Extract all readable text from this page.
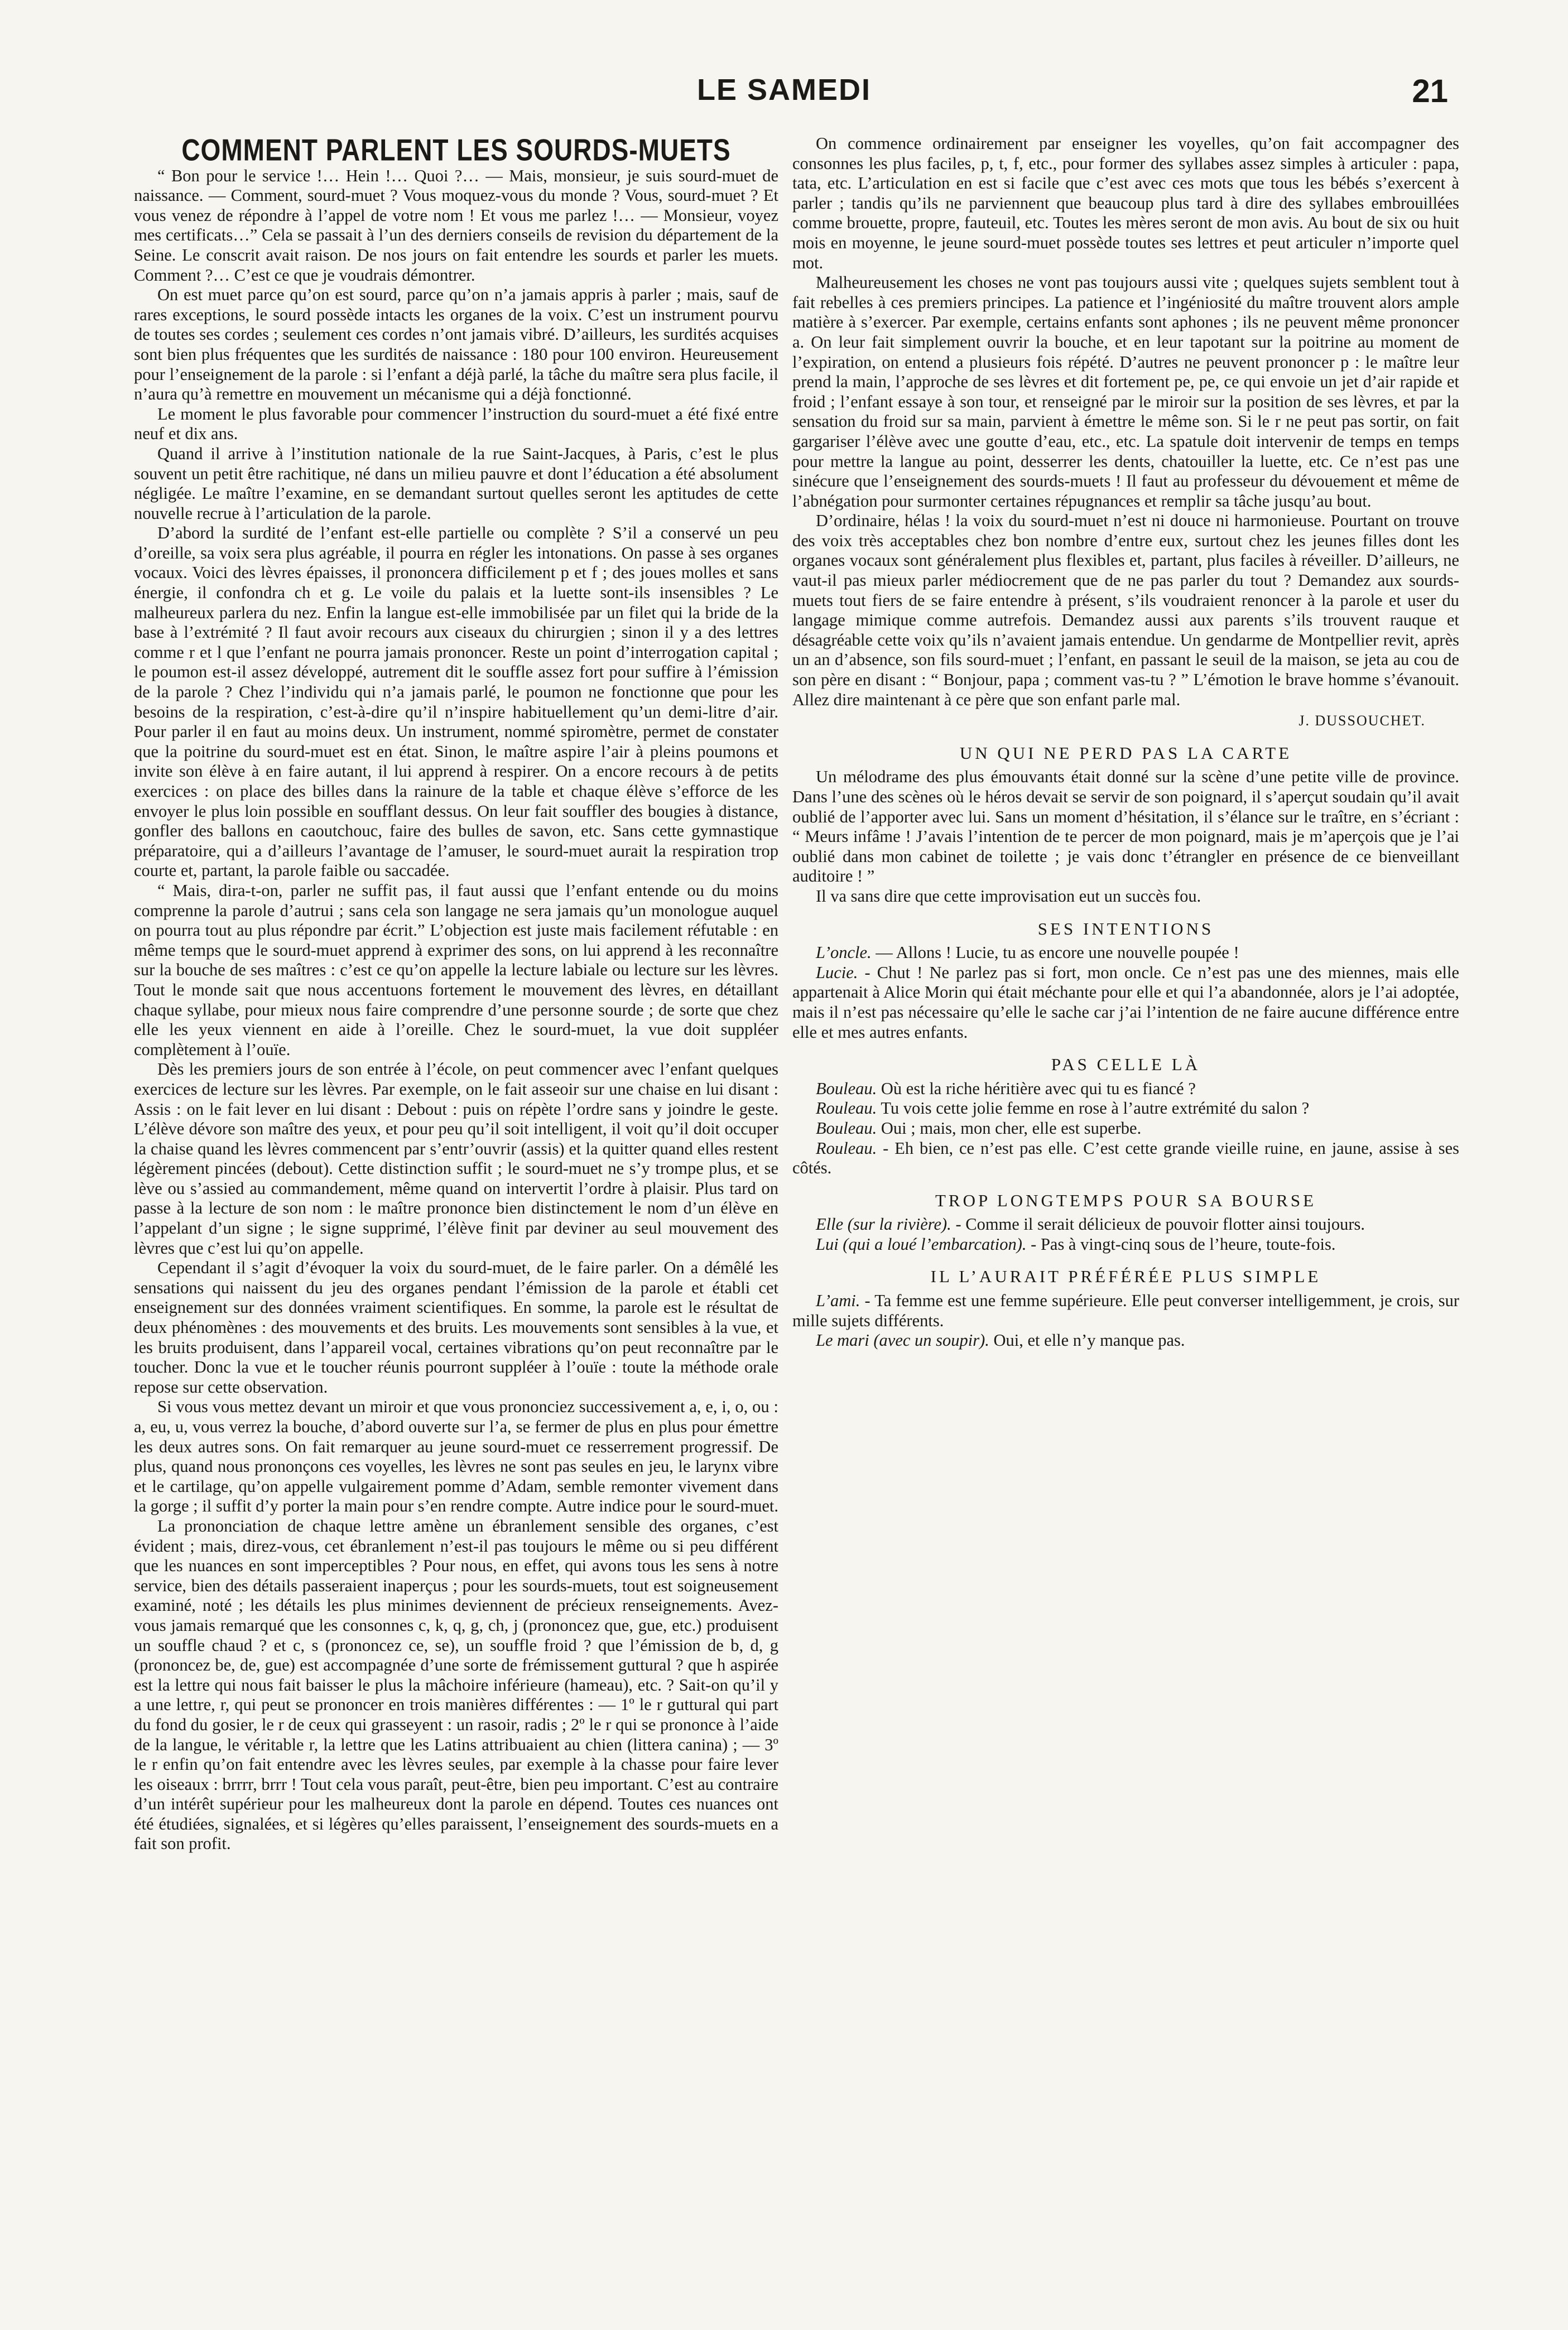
LE SAMEDI	21
COMMENT PARLENT LES SOURDS-MUETS

“ Bon pour le service !… Hein !… Quoi ?… — Mais, monsieur, je suis sourd-muet de naissance. — Comment, sourd-muet ? Vous moquez-vous du monde ? Vous, sourd-muet ? Et vous venez de répondre à l’appel de votre nom ! Et vous me parlez !… — Monsieur, voyez mes certificats…” Cela se passait à l’un des derniers conseils de revision du département de la Seine. Le conscrit avait raison. De nos jours on fait entendre les sourds et parler les muets. Comment ?… C’est ce que je voudrais démontrer.

On est muet parce qu’on est sourd, parce qu’on n’a jamais appris à parler ; mais, sauf de rares exceptions, le sourd possède intacts les organes de la voix. C’est un instrument pourvu de toutes ses cordes ; seulement ces cordes n’ont jamais vibré. D’ailleurs, les surdités acquises sont bien plus fréquentes que les surdités de naissance : 180 pour 100 environ. Heureusement pour l’enseignement de la parole : si l’enfant a déjà parlé, la tâche du maître sera plus facile, il n’aura qu’à remettre en mouvement un mécanisme qui a déjà fonctionné.

Le moment le plus favorable pour commencer l’instruction du sourd-muet a été fixé entre neuf et dix ans.

Quand il arrive à l’institution nationale de la rue Saint-Jacques, à Paris, c’est le plus souvent un petit être rachitique, né dans un milieu pauvre et dont l’éducation a été absolument négligée. Le maître l’examine, en se demandant surtout quelles seront les aptitudes de cette nouvelle recrue à l’articulation de la parole.

D’abord la surdité de l’enfant est-elle partielle ou complète ? S’il a conservé un peu d’oreille, sa voix sera plus agréable, il pourra en régler les intonations. On passe à ses organes vocaux. Voici des lèvres épaisses, il prononcera difficilement p et f ; des joues molles et sans énergie, il confondra ch et g. Le voile du palais et la luette sont-ils insensibles ? Le malheureux parlera du nez. Enfin la langue est-elle immobilisée par un filet qui la bride de la base à l’extrémité ? Il faut avoir recours aux ciseaux du chirurgien ; sinon il y a des lettres comme r et l que l’enfant ne pourra jamais prononcer. Reste un point d’interrogation capital ; le poumon est-il assez développé, autrement dit le souffle assez fort pour suffire à l’émission de la parole ? Chez l’individu qui n’a jamais parlé, le poumon ne fonctionne que pour les besoins de la respiration, c’est-à-dire qu’il n’inspire habituellement qu’un demi-litre d’air. Pour parler il en faut au moins deux. Un instrument, nommé spiromètre, permet de constater que la poitrine du sourd-muet est en état. Sinon, le maître aspire l’air à pleins poumons et invite son élève à en faire autant, il lui apprend à respirer. On a encore recours à de petits exercices : on place des billes dans la rainure de la table et chaque élève s’efforce de les envoyer le plus loin possible en soufflant dessus. On leur fait souffler des bougies à distance, gonfler des ballons en caoutchouc, faire des bulles de savon, etc. Sans cette gymnastique préparatoire, qui a d’ailleurs l’avantage de l’amuser, le sourd-muet aurait la respiration trop courte et, partant, la parole faible ou saccadée.

“ Mais, dira-t-on, parler ne suffit pas, il faut aussi que l’enfant entende ou du moins comprenne la parole d’autrui ; sans cela son langage ne sera jamais qu’un monologue auquel on pourra tout au plus répondre par écrit.” L’objection est juste mais facilement réfutable : en même temps que le sourd-muet apprend à exprimer des sons, on lui apprend à les reconnaître sur la bouche de ses maîtres : c’est ce qu’on appelle la lecture labiale ou lecture sur les lèvres. Tout le monde sait que nous accentuons fortement le mouvement des lèvres, en détaillant chaque syllabe, pour mieux nous faire comprendre d’une personne sourde ; de sorte que chez elle les yeux viennent en aide à l’oreille. Chez le sourd-muet, la vue doit suppléer complètement à l’ouïe.

Dès les premiers jours de son entrée à l’école, on peut commencer avec l’enfant quelques exercices de lecture sur les lèvres. Par exemple, on le fait asseoir sur une chaise en lui disant : Assis : on le fait lever en lui disant : Debout : puis on répète l’ordre sans y joindre le geste. L’élève dévore son maître des yeux, et pour peu qu’il soit intelligent, il voit qu’il doit occuper la chaise quand les lèvres commencent par s’entr’ouvrir (assis) et la quitter quand elles restent légèrement pincées (debout). Cette distinction suffit ; le sourd-muet ne s’y trompe plus, et se lève ou s’assied au commandement, même quand on intervertit l’ordre à plaisir. Plus tard on passe à la lecture de son nom : le maître prononce bien distinctement le nom d’un élève en l’appelant d’un signe ; le signe supprimé, l’élève finit par deviner au seul mouvement des lèvres que c’est lui qu’on appelle.

Cependant il s’agit d’évoquer la voix du sourd-muet, de le faire parler. On a démêlé les sensations qui naissent du jeu des organes pendant l’émission de la parole et établi cet enseignement sur des données vraiment scientifiques. En somme, la parole est le résultat de deux phénomènes : des mouvements et des bruits. Les mouvements sont sensibles à la vue, et les bruits produisent, dans l’appareil vocal, certaines vibrations qu’on peut reconnaître par le toucher. Donc la vue et le toucher réunis pourront suppléer à l’ouïe : toute la méthode orale repose sur cette observation.

Si vous vous mettez devant un miroir et que vous prononciez successivement a, e, i, o, ou : a, eu, u, vous verrez la bouche, d’abord ouverte sur l’a, se fermer de plus en plus pour émettre les deux autres sons. On fait remarquer au jeune sourd-muet ce resserrement progressif. De plus, quand nous prononçons ces voyelles, les lèvres ne sont pas seules en jeu, le larynx vibre et le cartilage, qu’on appelle vulgairement pomme d’Adam, semble remonter vivement dans la gorge ; il suffit d’y porter la main pour s’en rendre compte. Autre indice pour le sourd-muet.

La prononciation de chaque lettre amène un ébranlement sensible des organes, c’est évident ; mais, direz-vous, cet ébranlement n’est-il pas toujours le même ou si peu différent que les nuances en sont imperceptibles ? Pour nous, en effet, qui avons tous les sens à notre service, bien des détails passeraient inaperçus ; pour les sourds-muets, tout est soigneusement examiné, noté ; les détails les plus minimes deviennent de précieux renseignements. Avez-vous jamais remarqué que les consonnes c, k, q, g, ch, j (prononcez que, gue, etc.) produisent un souffle chaud ? et c, s (prononcez ce, se), un souffle froid ? que l’émission de b, d, g (prononcez be, de, gue) est accompagnée d’une sorte de frémissement guttural ? que h aspirée est la lettre qui nous fait baisser le plus la mâchoire inférieure (hameau), etc. ? Sait-on qu’il y a une lettre, r, qui peut se prononcer en trois manières différentes : — 1º le r guttural qui part du fond du gosier, le r de ceux qui grasseyent : un rasoir, radis ; 2º le r qui se prononce à l’aide de la langue, le véritable r, la lettre que les Latins attribuaient au chien (littera canina) ; — 3º le r enfin qu’on fait entendre avec les lèvres seules, par exemple à la chasse pour faire lever les oiseaux : brrrr, brrr ! Tout cela vous paraît, peut-être, bien peu important. C’est au contraire d’un intérêt supérieur pour les malheureux dont la parole en dépend. Toutes ces nuances ont été étudiées, signalées, et si légères qu’elles paraissent, l’enseignement des sourds-muets en a fait son profit.

On commence ordinairement par enseigner les voyelles, qu’on fait accompagner des consonnes les plus faciles, p, t, f, etc., pour former des syllabes assez simples à articuler : papa, tata, etc. L’articulation en est si facile que c’est avec ces mots que tous les bébés s’exercent à parler ; tandis qu’ils ne parviennent que beaucoup plus tard à dire des syllabes embrouillées comme brouette, propre, fauteuil, etc. Toutes les mères seront de mon avis. Au bout de six ou huit mois en moyenne, le jeune sourd-muet possède toutes ses lettres et peut articuler n’importe quel mot.

Malheureusement les choses ne vont pas toujours aussi vite ; quelques sujets semblent tout à fait rebelles à ces premiers principes. La patience et l’ingéniosité du maître trouvent alors ample matière à s’exercer. Par exemple, certains enfants sont aphones ; ils ne peuvent même prononcer a. On leur fait simplement ouvrir la bouche, et en leur tapotant sur la poitrine au moment de l’expiration, on entend a plusieurs fois répété. D’autres ne peuvent prononcer p : le maître leur prend la main, l’approche de ses lèvres et dit fortement pe, pe, ce qui envoie un jet d’air rapide et froid ; l’enfant essaye à son tour, et renseigné par le miroir sur la position de ses lèvres, et par la sensation du froid sur sa main, parvient à émettre le même son. Si le r ne peut pas sortir, on fait gargariser l’élève avec une goutte d’eau, etc., etc. La spatule doit intervenir de temps en temps pour mettre la langue au point, desserrer les dents, chatouiller la luette, etc. Ce n’est pas une sinécure que l’enseignement des sourds-muets ! Il faut au professeur du dévouement et même de l’abnégation pour surmonter certaines répugnances et remplir sa tâche jusqu’au bout.

D’ordinaire, hélas ! la voix du sourd-muet n’est ni douce ni harmonieuse. Pourtant on trouve des voix très acceptables chez bon nombre d’entre eux, surtout chez les jeunes filles dont les organes vocaux sont généralement plus flexibles et, partant, plus faciles à réveiller. D’ailleurs, ne vaut-il pas mieux parler médiocrement que de ne pas parler du tout ? Demandez aux sourds-muets tout fiers de se faire entendre à présent, s’ils voudraient renoncer à la parole et user du langage mimique comme autrefois. Demandez aussi aux parents s’ils trouvent rauque et désagréable cette voix qu’ils n’avaient jamais entendue. Un gendarme de Montpellier revit, après un an d’absence, son fils sourd-muet ; l’enfant, en passant le seuil de la maison, se jeta au cou de son père en disant : “ Bonjour, papa ; comment vas-tu ? ” L’émotion le brave homme s’évanouit. Allez dire maintenant à ce père que son enfant parle mal.

J. DUSSOUCHET.
UN QUI NE PERD PAS LA CARTE

Un mélodrame des plus émouvants était donné sur la scène d’une petite ville de province. Dans l’une des scènes où le héros devait se servir de son poignard, il s’aperçut soudain qu’il avait oublié de l’apporter avec lui. Sans un moment d’hésitation, il s’élance sur le traître, en s’écriant : “ Meurs infâme ! J’avais l’intention de te percer de mon poignard, mais je m’aperçois que je l’ai oublié dans mon cabinet de toilette ; je vais donc t’étrangler en présence de ce bienveillant auditoire ! ”

Il va sans dire que cette improvisation eut un succès fou.

SES INTENTIONS

L’oncle. — Allons ! Lucie, tu as encore une nouvelle poupée !

Lucie. - Chut ! Ne parlez pas si fort, mon oncle. Ce n’est pas une des miennes, mais elle appartenait à Alice Morin qui était méchante pour elle et qui l’a abandonnée, alors je l’ai adoptée, mais il n’est pas nécessaire qu’elle le sache car j’ai l’intention de ne faire aucune différence entre elle et mes autres enfants.

PAS CELLE LÀ

Bouleau. Où est la riche héritière avec qui tu es fiancé ?

Rouleau. Tu vois cette jolie femme en rose à l’autre extrémité du salon ?

Bouleau. Oui ; mais, mon cher, elle est superbe.

Rouleau. - Eh bien, ce n’est pas elle. C’est cette grande vieille ruine, en jaune, assise à ses côtés.

TROP LONGTEMPS POUR SA BOURSE

Elle (sur la rivière). - Comme il serait délicieux de pouvoir flotter ainsi toujours.

Lui (qui a loué l’embarcation). - Pas à vingt-cinq sous de l’heure, toute-fois.

IL L’AURAIT PRÉFÉRÉE PLUS SIMPLE

L’ami. - Ta femme est une femme supérieure. Elle peut converser intelligemment, je crois, sur mille sujets différents.

Le mari (avec un soupir). Oui, et elle n’y manque pas.
